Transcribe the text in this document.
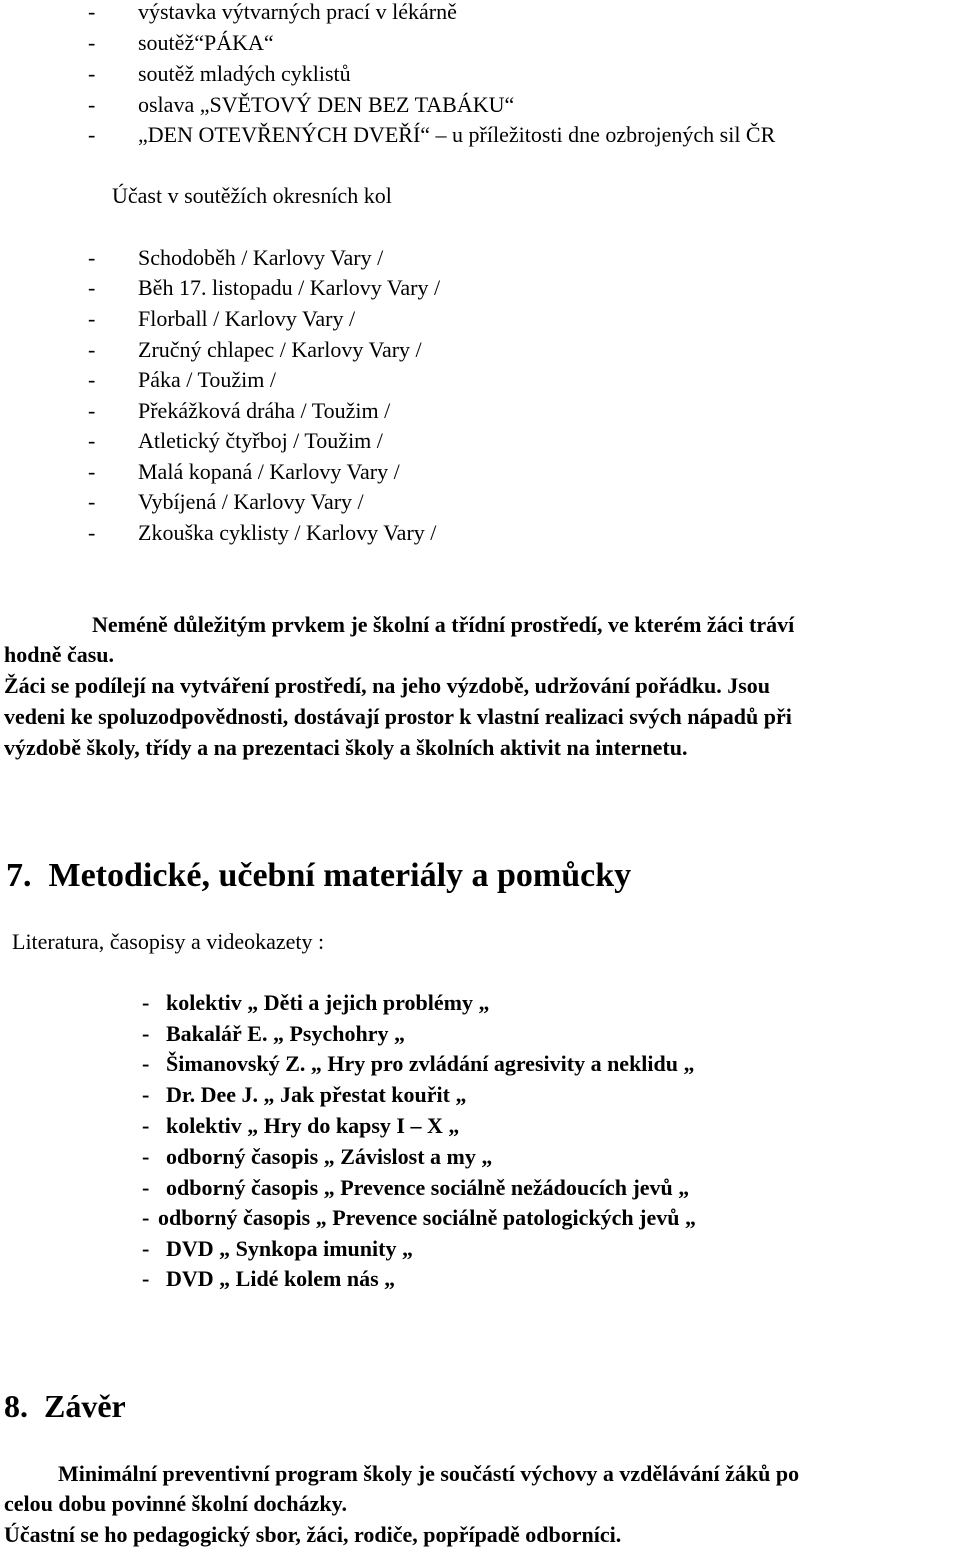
- výstavka výtvarných prací v lékárně
- soutěž“PÁKA“
- soutěž mladých cyklistů
- oslava „SVĚTOVÝ DEN BEZ TABÁKU“
- „DEN OTEVŘENÝCH DVEŘÍ“ – u příležitosti dne ozbrojených sil ČR
Účast v soutěžích okresních kol
- Schodoběh / Karlovy Vary /
- Běh 17. listopadu / Karlovy Vary /
- Florball / Karlovy Vary /
- Zručný chlapec / Karlovy Vary /
- Páka / Toužim /
- Překážková dráha / Toužim /
- Atletický čtyřboj / Toužim /
- Malá kopaná / Karlovy Vary /
- Vybíjená / Karlovy Vary /
- Zkouška cyklisty / Karlovy Vary /
Neméně důležitým prvkem je školní a třídní prostředí, ve kterém žáci tráví
hodně času.
Žáci se podílejí na vytváření prostředí, na jeho výzdobě, udržování pořádku. Jsou
vedeni ke spoluzodpovědnosti, dostávají prostor k vlastní realizaci svých nápadů při
výzdobě školy, třídy a na prezentaci školy a školních aktivit na internetu.
7. Metodické, učební materiály a pomůcky
Literatura, časopisy a videokazety :
- kolektiv „ Děti a jejich problémy „
- Bakalář E. „ Psychohry „
- Šimanovský Z. „ Hry pro zvládání agresivity a neklidu „
- Dr. Dee J. „ Jak přestat kouřit „
- kolektiv „ Hry do kapsy I – X „
- odborný časopis „ Závislost a my „
- odborný časopis „ Prevence sociálně nežádoucích jevů „
- odborný časopis „ Prevence sociálně patologických jevů „
- DVD „ Synkopa imunity „
- DVD „ Lidé kolem nás „
8. Závěr
Minimální preventivní program školy je součástí výchovy a vzdělávání žáků po
celou dobu povinné školní docházky.
Účastní se ho pedagogický sbor, žáci, rodiče, popřípadě odborníci.
